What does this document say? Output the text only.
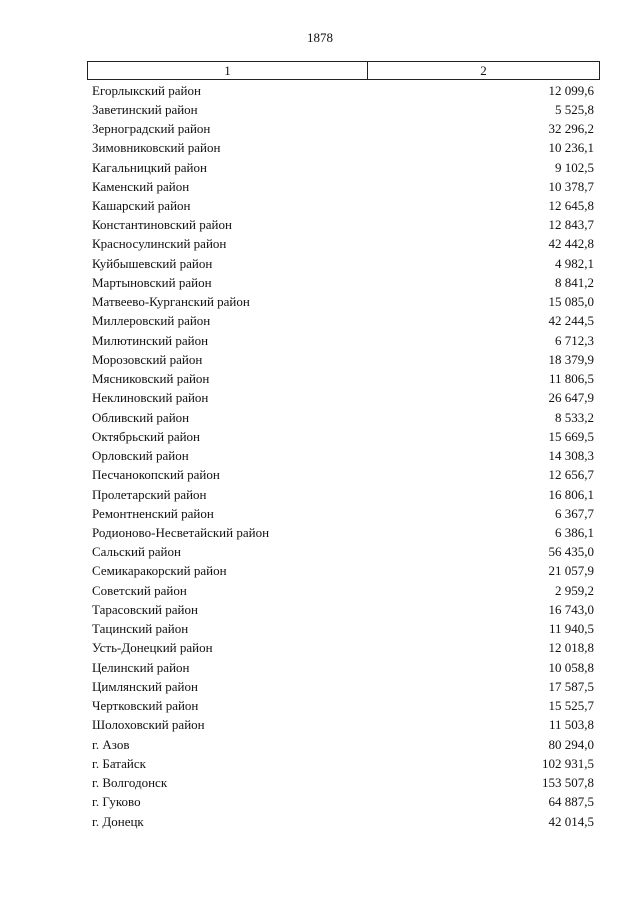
1878
1	2
Егорлыкский район	12 099,6
Заветинский район	5 525,8
Зерноградский район	32 296,2
Зимовниковский район	10 236,1
Кагальницкий район	9 102,5
Каменский район	10 378,7
Кашарский район	12 645,8
Константиновский район	12 843,7
Красносулинский район	42 442,8
Куйбышевский район	4 982,1
Мартыновский район	8 841,2
Матвеево-Курганский район	15 085,0
Миллеровский район	42 244,5
Милютинский район	6 712,3
Морозовский район	18 379,9
Мясниковский район	11 806,5
Неклиновский район	26 647,9
Обливский район	8 533,2
Октябрьский район	15 669,5
Орловский район	14 308,3
Песчанокопский район	12 656,7
Пролетарский район	16 806,1
Ремонтненский район	6 367,7
Родионово-Несветайский район	6 386,1
Сальский район	56 435,0
Семикаракорский район	21 057,9
Советский район	2 959,2
Тарасовский район	16 743,0
Тацинский район	11 940,5
Усть-Донецкий район	12 018,8
Целинский район	10 058,8
Цимлянский район	17 587,5
Чертковский район	15 525,7
Шолоховский район	11 503,8
г. Азов	80 294,0
г. Батайск	102 931,5
г. Волгодонск	153 507,8
г. Гуково	64 887,5
г. Донецк	42 014,5
